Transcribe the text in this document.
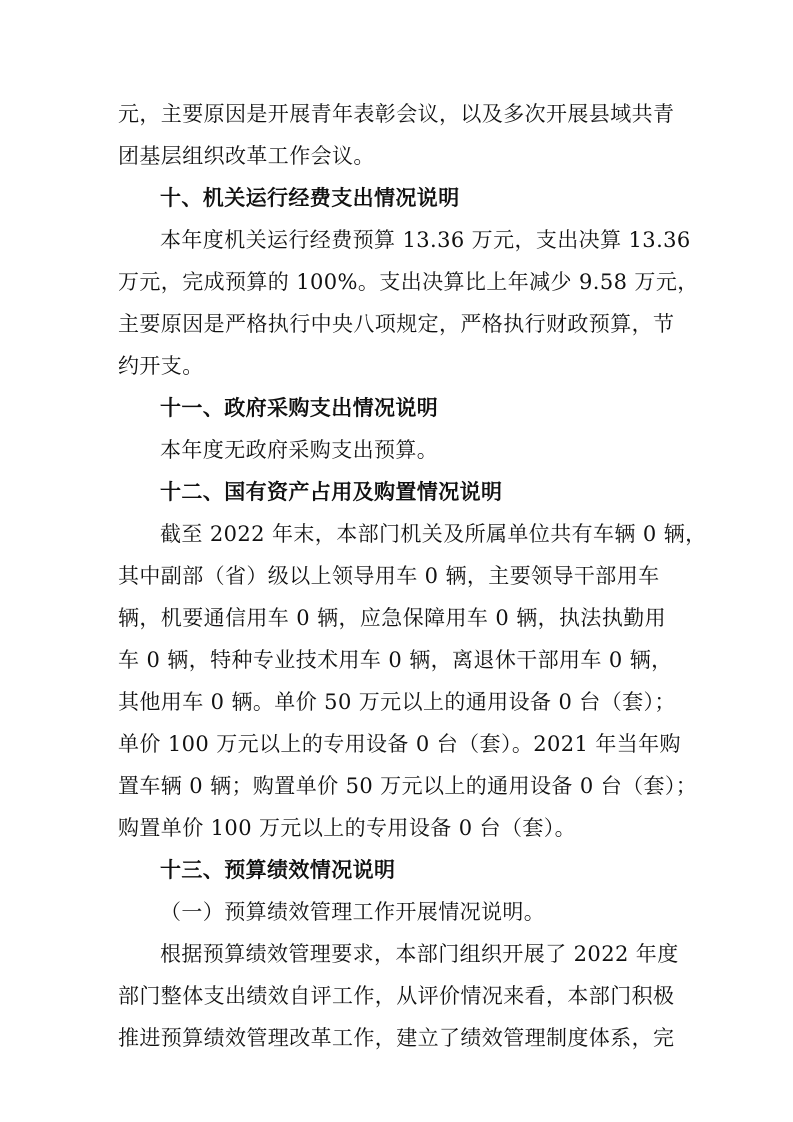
元，主要原因是开展青年表彰会议，以及多次开展县域共青
团基层组织改革工作会议。
十、机关运行经费支出情况说明
本年度机关运行经费预算 13.36 万元，支出决算 13.36
万元，完成预算的 100%。支出决算比上年减少 9.58 万元，
主要原因是严格执行中央八项规定，严格执行财政预算，节
约开支。
十一、政府采购支出情况说明
本年度无政府采购支出预算。
十二、国有资产占用及购置情况说明
截至 2022 年末，本部门机关及所属单位共有车辆 0 辆，
其中副部（省）级以上领导用车 0 辆，主要领导干部用车
辆，机要通信用车 0 辆，应急保障用车 0 辆，执法执勤用
车 0 辆，特种专业技术用车 0 辆，离退休干部用车 0 辆，
其他用车 0 辆。单价 50 万元以上的通用设备 0 台（套）；
单价 100 万元以上的专用设备 0 台（套）。2021 年当年购
置车辆 0 辆；购置单价 50 万元以上的通用设备 0 台（套）；
购置单价 100 万元以上的专用设备 0 台（套）。
十三、预算绩效情况说明
（一）预算绩效管理工作开展情况说明。
根据预算绩效管理要求，本部门组织开展了 2022 年度
部门整体支出绩效自评工作，从评价情况来看，本部门积极
推进预算绩效管理改革工作，建立了绩效管理制度体系，完
